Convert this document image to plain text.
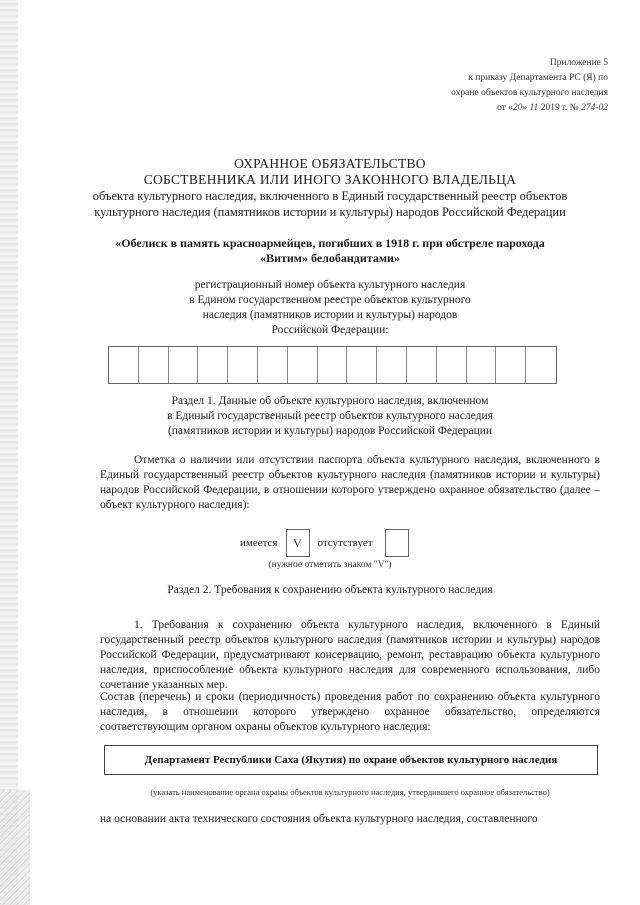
Приложение 5
к приказу Департамента РС (Я) по
охране объектов культурного наследия
от «20» 11 2019 г. № 274-02
ОХРАННОЕ ОБЯЗАТЕЛЬСТВО
СОБСТВЕННИКА ИЛИ ИНОГО ЗАКОННОГО ВЛАДЕЛЬЦА
объекта культурного наследия, включенного в Единый государственный реестр объектов
культурного наследия (памятников истории и культуры) народов Российской Федерации
«Обелиск в память красноармейцев, погибших в 1918 г. при обстреле парохода
«Витим» белобандитами»
регистрационный номер объекта культурного наследия
в Едином государственном реестре объектов культурного
наследия (памятников истории и культуры) народов
Российской Федерации:
Раздел 1. Данные об объекте культурного наследия, включенном
в Единый государственный реестр объектов культурного наследия
(памятников истории и культуры) народов Российской Федерации
Отметка о наличии или отсутствии паспорта объекта культурного наследия, включенного в Единый государственный реестр объектов культурного наследия (памятников истории и культуры) народов Российской Федерации, в отношении которого утверждено охранное обязательство (далее – объект культурного наследия):
имеется	V	отсутствует
(нужное отметить знаком "V")
Раздел 2. Требования к сохранению объекта культурного наследия
1. Требования к сохранению объекта культурного наследия, включенного в Единый государственный реестр объектов культурного наследия (памятников истории и культуры) народов Российской Федерации, предусматривают консервацию, ремонт, реставрацию объекта культурного наследия, приспособление объекта культурного наследия для современного использования, либо сочетание указанных мер.
Состав (перечень) и сроки (периодичность) проведения работ по сохранению объекта культурного наследия, в отношении которого утверждено охранное обязательство, определяются соответствующим органом охраны объектов культурного наследия:
Департамент Республики Саха (Якутия) по охране объектов культурного наследия
(указать наименование органа охраны объектов культурного наследия, утвердившего охранное обязательство)
на основании акта технического состояния объекта культурного наследия, составленного
